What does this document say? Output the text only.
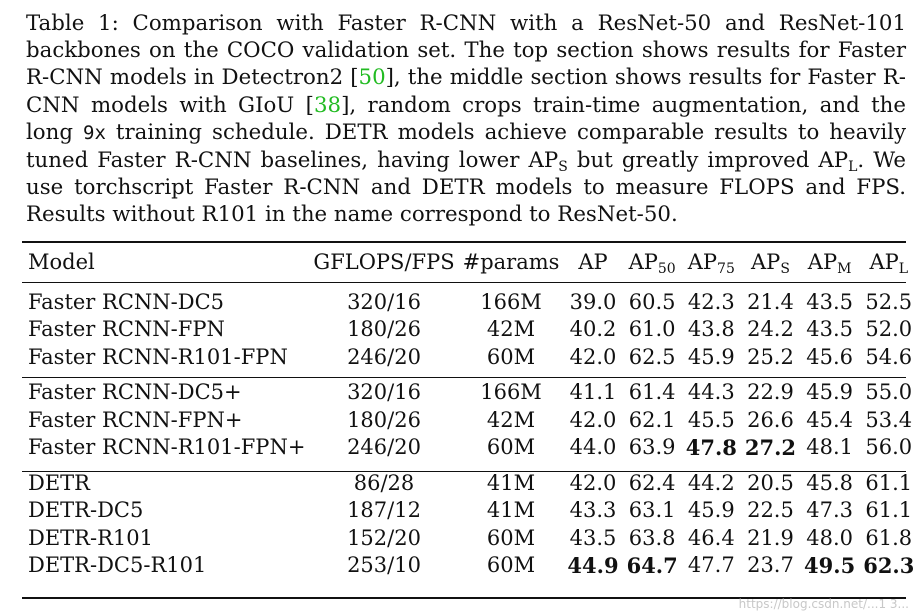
Table 1: Comparison with Faster R-CNN with a ResNet-50 and ResNet-101 backbones on the COCO validation set. The top section shows results for Faster R-CNN models in Detectron2 [50], the middle section shows results for Faster R-CNN models with GIoU [38], random crops train-time augmentation, and the long 9x training schedule. DETR models achieve comparable results to heavily tuned Faster R-CNN baselines, having lower $AP_S$ but greatly improved $AP_L$. We use torchscript Faster R-CNN and DETR models to measure FLOPS and FPS. Results without R101 in the name correspond to ResNet-50.
Model	GFLOPS/FPS	#params	AP	$AP_{50}$	$AP_{75}$	$AP_S$	$AP_M$	$AP_L$
Faster RCNN-DC5	320/16	166M	39.0	60.5	42.3	21.4	43.5	52.5
Faster RCNN-FPN	180/26	42M	40.2	61.0	43.8	24.2	43.5	52.0
Faster RCNN-R101-FPN	246/20	60M	42.0	62.5	45.9	25.2	45.6	54.6
Faster RCNN-DC5+	320/16	166M	41.1	61.4	44.3	22.9	45.9	55.0
Faster RCNN-FPN+	180/26	42M	42.0	62.1	45.5	26.6	45.4	53.4
Faster RCNN-R101-FPN+	246/20	60M	44.0	63.9	47.8	27.2	48.1	56.0
DETR	86/28	41M	42.0	62.4	44.2	20.5	45.8	61.1
DETR-DC5	187/12	41M	43.3	63.1	45.9	22.5	47.3	61.1
DETR-R101	152/20	60M	43.5	63.8	46.4	21.9	48.0	61.8
DETR-DC5-R101	253/10	60M	44.9	64.7	47.7	23.7	49.5	62.3
https://blog.csdn.net/...1 3...
